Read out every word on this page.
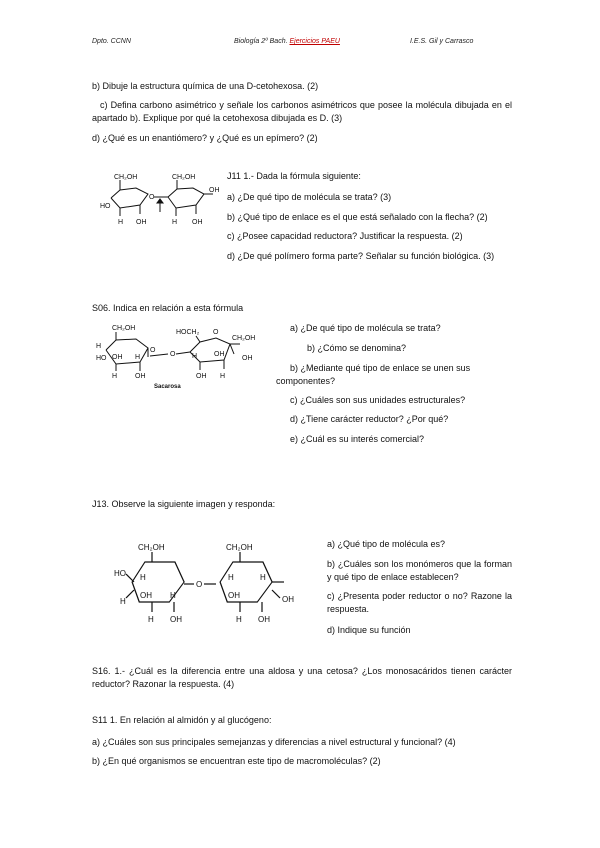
Dpto. CCNN	Biología 2º Bach. Ejercicios PAEU	I.E.S. Gil y Carrasco
b) Dibuje la estructura química de una D-cetohexosa. (2)
c) Defina carbono asimétrico y señale los carbonos asimétricos que posee la molécula dibujada en el apartado b). Explique por qué la cetohexosa dibujada es D. (3)
d) ¿Qué es un enantiómero? y ¿Qué es un epímero? (2)
CH₂OH
HO
H OH
O
CH₂OH
OH
H OH
J11 1.- Dada la fórmula siguiente:
a) ¿De qué tipo de molécula se trata? (3)
b) ¿Qué tipo de enlace es el que está señalado con la flecha? (2)
c) ¿Posee capacidad reductora? Justificar la respuesta. (2)
d) ¿De qué polímero forma parte? Señalar su función biológica. (3)
S06. Indica en relación a esta fórmula
CH₂OH
H
HO OH
H
H
OH
O
O
HOCH₂ O
CH₂OH
H OH
OH
OH H
Sacarosa
a) ¿De qué tipo de molécula se trata?
b) ¿Cómo se denomina?
b) ¿Mediante qué tipo de enlace se unen sus componentes?
c) ¿Cuáles son sus unidades estructurales?
d) ¿Tiene carácter reductor? ¿Por qué?
e) ¿Cuál es su interés comercial?
J13. Observe la siguiente imagen y responda:
CH₂OH
HO H
OH
H
H
H OH
O
CH₂OH
H
OH
H
OH
H OH
a) ¿Qué tipo de molécula es?
b) ¿Cuáles son los monómeros que la forman y qué tipo de enlace establecen?
c) ¿Presenta poder reductor o no? Razone la respuesta.
d) Indique su función
S16. 1.- ¿Cuál es la diferencia entre una aldosa y una cetosa? ¿Los monosacáridos tienen carácter reductor? Razonar la respuesta. (4)
S11 1. En relación al almidón y al glucógeno:
a) ¿Cuáles son sus principales semejanzas y diferencias a nivel estructural y funcional? (4)
b) ¿En qué organismos se encuentran este tipo de macromoléculas? (2)
